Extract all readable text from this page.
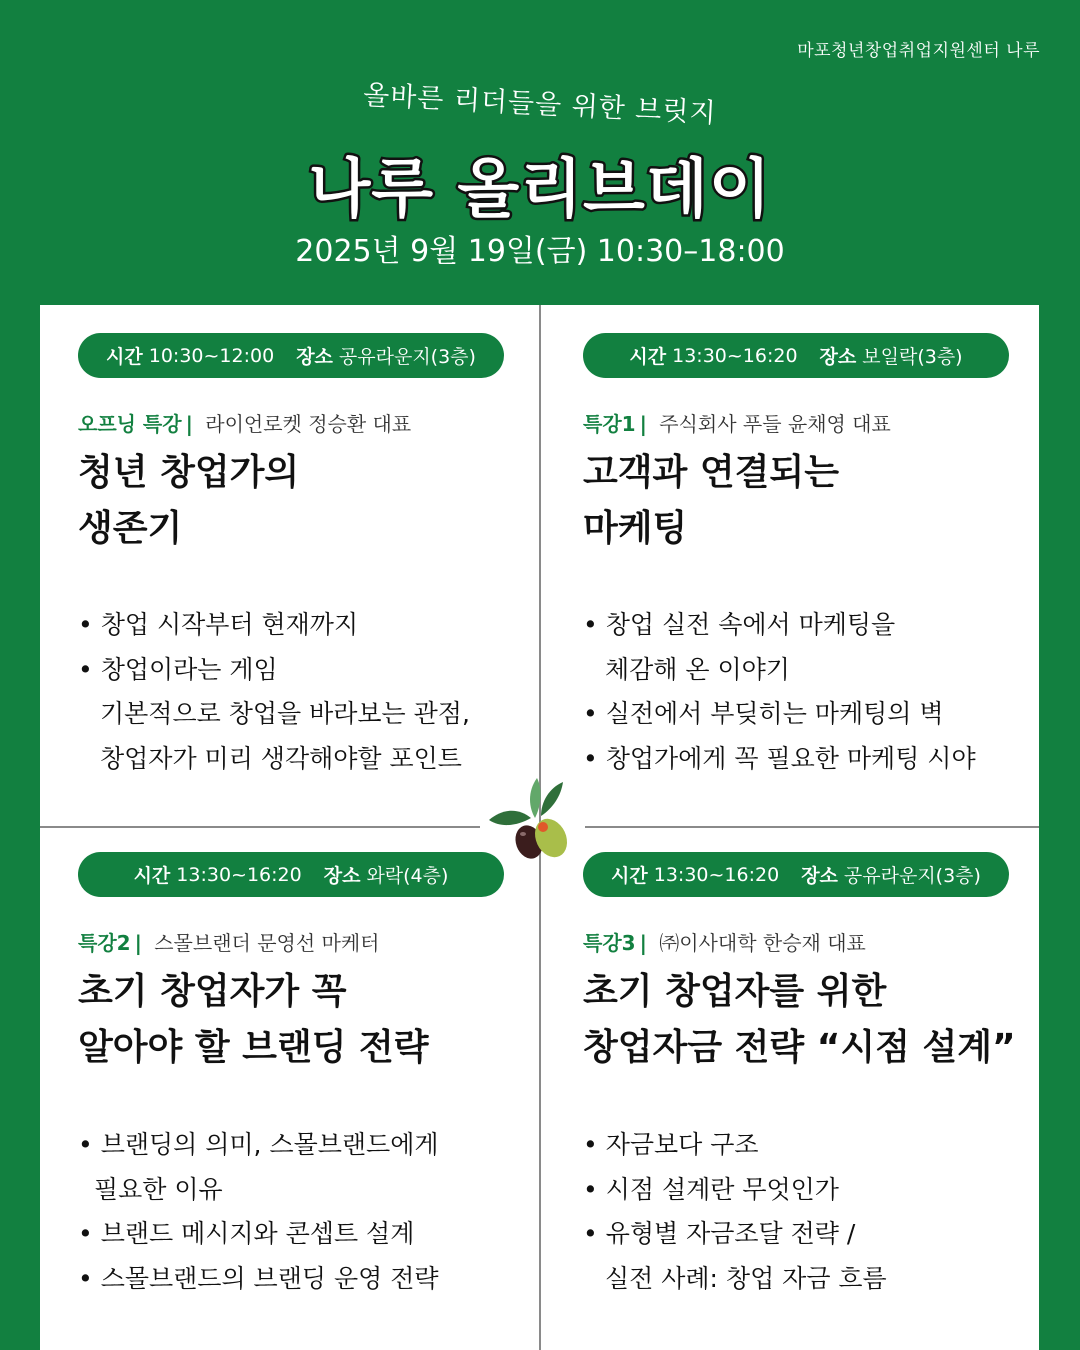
마포청년창업취업지원센터 나루
올바른 리더들을 위한 브릿지
나루 올리브데이
2025년 9월 19일(금) 10:30–18:00
시간 10:30~12:00 장소 공유라운지(3층)
오프닝 특강 | 라이언로켓 정승환 대표
청년 창업가의
생존기
• 창업 시작부터 현재까지
• 창업이라는 게임
기본적으로 창업을 바라보는 관점,
창업자가 미리 생각해야할 포인트
시간 13:30~16:20 장소 보일락(3층)
특강1 | 주식회사 푸들 윤채영 대표
고객과 연결되는
마케팅
• 창업 실전 속에서 마케팅을
체감해 온 이야기
• 실전에서 부딪히는 마케팅의 벽
• 창업가에게 꼭 필요한 마케팅 시야
시간 13:30~16:20 장소 와락(4층)
특강2 | 스몰브랜더 문영선 마케터
초기 창업자가 꼭
알아야 할 브랜딩 전략
• 브랜딩의 의미, 스몰브랜드에게
필요한 이유
• 브랜드 메시지와 콘셉트 설계
• 스몰브랜드의 브랜딩 운영 전략
시간 13:30~16:20 장소 공유라운지(3층)
특강3 | ㈜이사대학 한승재 대표
초기 창업자를 위한
창업자금 전략 “시점 설계”
• 자금보다 구조
• 시점 설계란 무엇인가
• 유형별 자금조달 전략 /
실전 사례: 창업 자금 흐름
